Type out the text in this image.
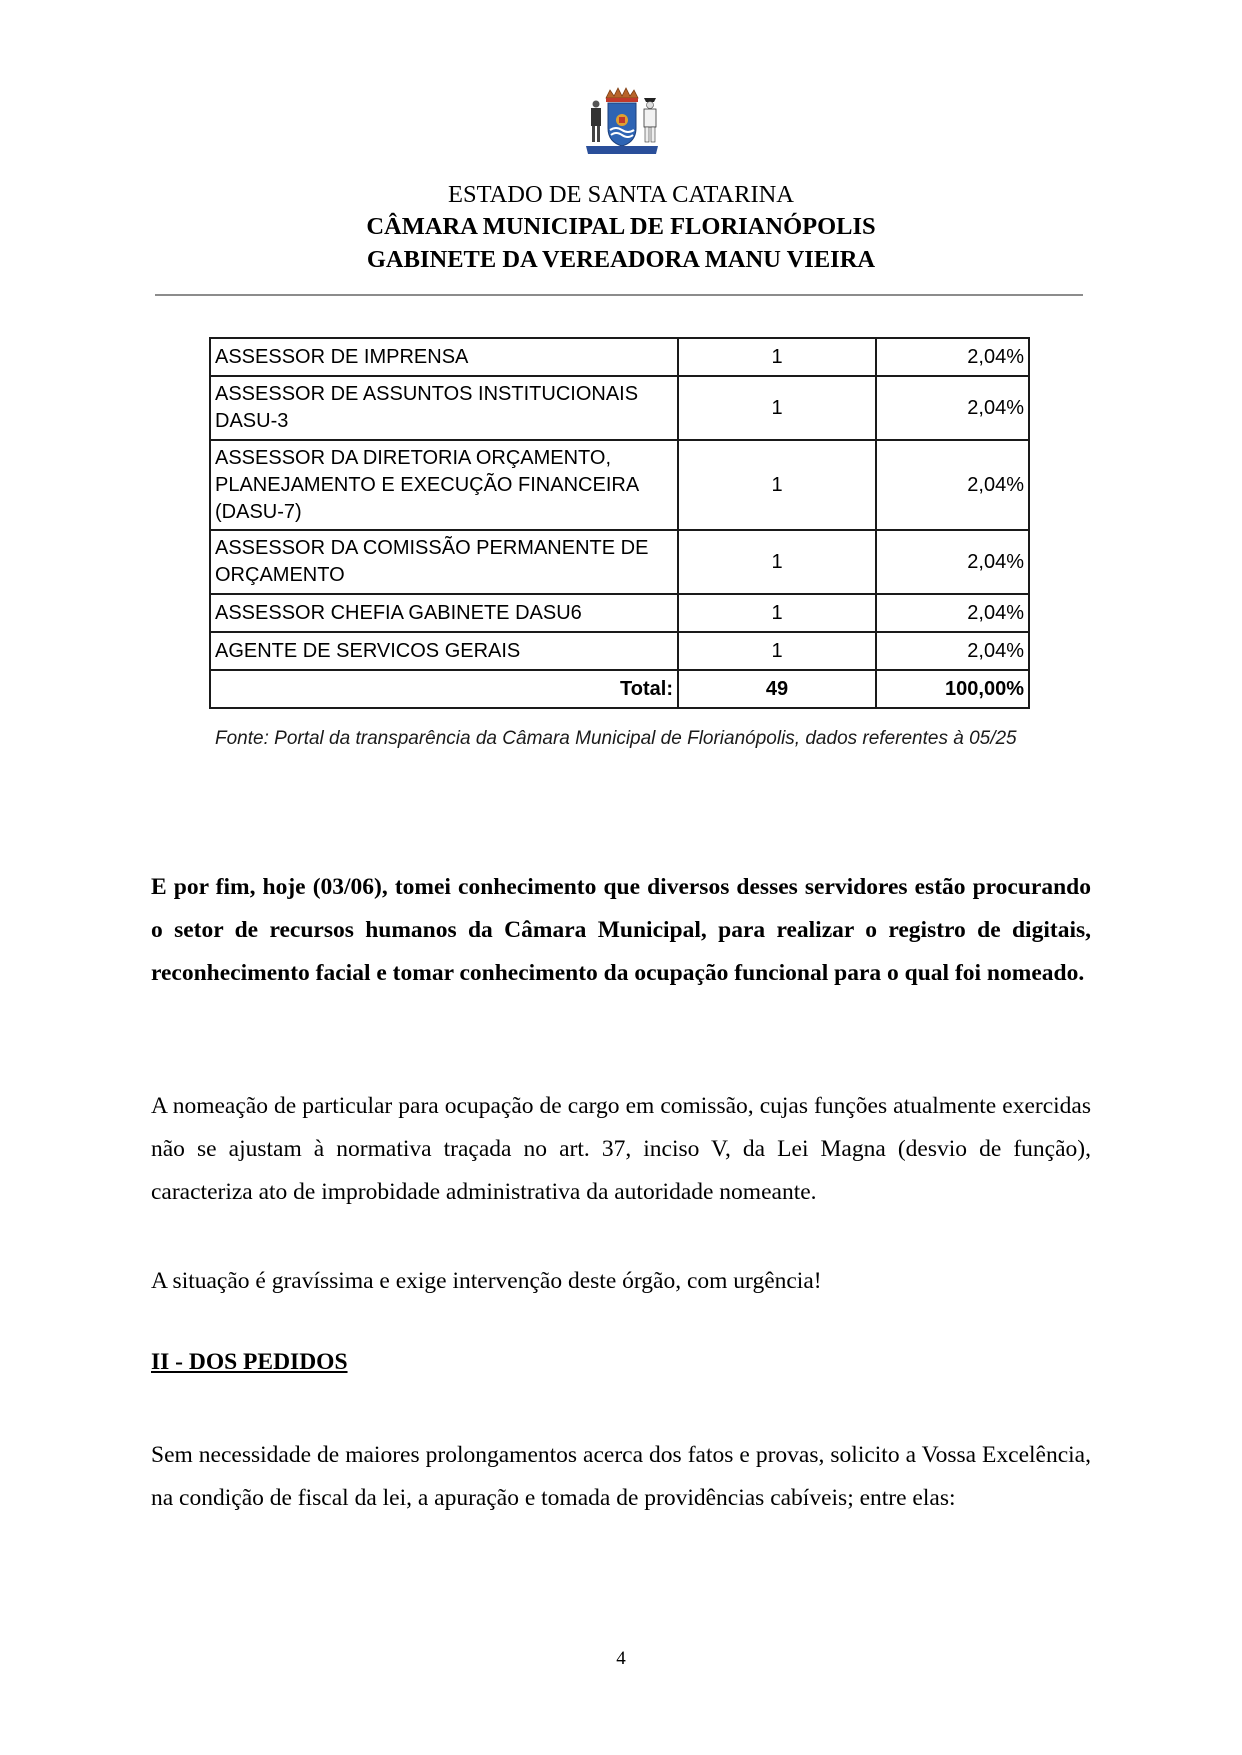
ESTADO DE SANTA CATARINA
CÂMARA MUNICIPAL DE FLORIANÓPOLIS
GABINETE DA VEREADORA MANU VIEIRA
ASSESSOR DE IMPRENSA	1	2,04%
ASSESSOR DE ASSUNTOS INSTITUCIONAIS DASU-3	1	2,04%
ASSESSOR DA DIRETORIA ORÇAMENTO, PLANEJAMENTO E EXECUÇÃO FINANCEIRA (DASU-7)	1	2,04%
ASSESSOR DA COMISSÃO PERMANENTE DE ORÇAMENTO	1	2,04%
ASSESSOR CHEFIA GABINETE DASU6	1	2,04%
AGENTE DE SERVICOS GERAIS	1	2,04%
Total:	49	100,00%
Fonte: Portal da transparência da Câmara Municipal de Florianópolis, dados referentes à 05/25

E por fim, hoje (03/06), tomei conhecimento que diversos desses servidores estão procurando o setor de recursos humanos da Câmara Municipal, para realizar o registro de digitais, reconhecimento facial e tomar conhecimento da ocupação funcional para o qual foi nomeado.

A nomeação de particular para ocupação de cargo em comissão, cujas funções atualmente exercidas não se ajustam à normativa traçada no art. 37, inciso V, da Lei Magna (desvio de função), caracteriza ato de improbidade administrativa da autoridade nomeante.

A situação é gravíssima e exige intervenção deste órgão, com urgência!

II - DOS PEDIDOS

Sem necessidade de maiores prolongamentos acerca dos fatos e provas, solicito a Vossa Excelência, na condição de fiscal da lei, a apuração e tomada de providências cabíveis; entre elas:

4
